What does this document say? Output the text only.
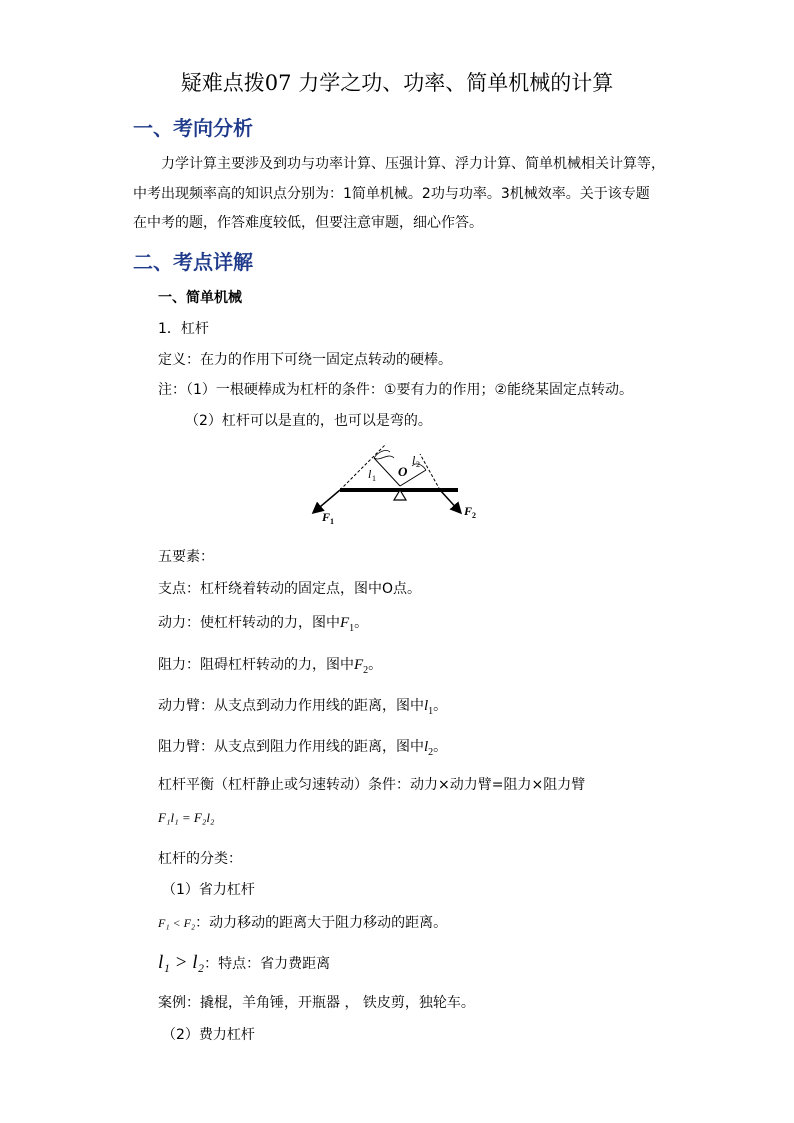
疑难点拨07 力学之功、功率、简单机械的计算
一、考向分析
力学计算主要涉及到功与功率计算、压强计算、浮力计算、简单机械相关计算等，
中考出现频率高的知识点分别为：1简单机械。2功与功率。3机械效率。关于该专题
在中考的题，作答难度较低，但要注意审题，细心作答。
二、考点详解
一、简单机械
1．杠杆
定义：在力的作用下可绕一固定点转动的硬棒。
注：（1）一根硬棒成为杠杆的条件：①要有力的作用；②能绕某固定点转动。
（2）杠杆可以是直的，也可以是弯的。
O
l 1
l 2
F 1
F 2
五要素：
支点：杠杆绕着转动的固定点，图中O点。
动力：使杠杆转动的力，图中$F_1$。
阻力：阻碍杠杆转动的力，图中$F_2$。
动力臂：从支点到动力作用线的距离，图中$l_1$。
阻力臂：从支点到阻力作用线的距离，图中$l_2$。
杠杆平衡（杠杆静止或匀速转动）条件：动力×动力臂=阻力×阻力臂
F₁l₁ = F₂l₂
杠杆的分类：
（1）省力杠杆
F₁ < F₂：动力移动的距离大于阻力移动的距离。
l₁ > l₂：特点：省力费距离
案例：撬棍，羊角锤，开瓶器 ， 铁皮剪，独轮车。
（2）费力杠杆
